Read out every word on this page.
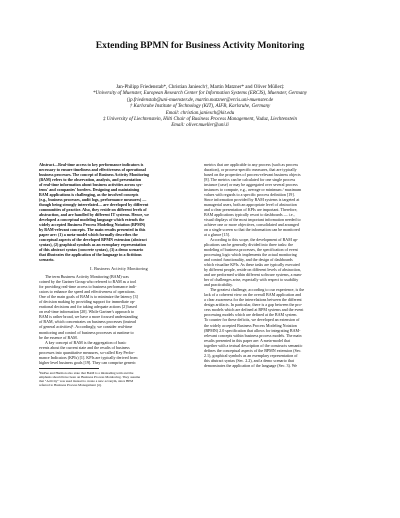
Extending BPMN for Business Activity Monitoring
Jan-Philipp Friedenstab*, Christian Janiesch†, Martin Matzner* and Oliver Müller‡
*University of Muenster, European Research Center for Information Systems (ERCIS), Muenster, Germany
{jp.friedenstab@uni-muenster.de, martin.matzner@ercis.uni-muenster.de
† Karlsruhe Institute of Technology (KIT), AIFB, Karlsruhe, Germany
Email: christian.janiesch@kit.edu
‡ University of Liechtenstein, Hilti Chair of Business Process Management, Vaduz, Liechtenstein
Email: oliver.mueller@uni.li
Abstract—Real-time access to key performance indicators is
necessary to ensure timeliness and effectiveness of operational
business processes. The concept of Business Activity Monitoring
(BAM) refers to the observation, analysis, and presentation
of real-time information about business activities across sys-
tems' and companies' borders. Designing and maintaining
BAM applications is challenging, as the involved concepts
(e.g., business processes, audit logs, performance measures) —
though being strongly interrelated— are developed by different
communities of practice. Also, they reside on different levels of
abstraction, and are handled by different IT systems. Hence, we
developed a conceptual modeling language which extends the
widely accepted Business Process Modeling Notation (BPMN)
by BAM-relevant concepts. The main results presented in this
paper are: (1) a meta-model which formally describes the
conceptual aspects of the developed BPMN extension (abstract
syntax), (2) graphical symbols as an exemplary representation
of this abstract syntax (concrete syntax), (3) a demo scenario
that illustrates the application of the language in a fictitious
scenario.
I. Business Activity Monitoring
The term Business Activity Monitoring (BAM) was
coined by the Gartner Group who referred to BAM as a tool
for providing real-time access to business performance indi-
cators to enhance the speed and effectiveness of operations.
One of the main goals of BAM is to minimize the latency [3]
of decision making by providing support for immediate op-
erational decisions and for taking adequate actions [2] based
on real-time information [20]. While Gartner's approach to
BAM is rather broad, we have a more focused understanding
of BAM, which concentrates on business processes (instead
of general activities)¹. Accordingly, we consider real-time
monitoring and control of business processes at runtime to
be the essence of BAM.
A key concept of BAM is the aggregation of basic
events about the current state and the results of business
processes into quantitative measures, so-called Key Perfor-
mance Indicators (KPIs) [1]. KPIs are typically derived from
higher level business goals [19]. They can comprise generic
¹DePee and Harmon also state that BAM is a misleading term and the
emphasis should have been on Business Process Monitoring. They assume
that "Activity" was used instead to create a new acronym, since BPM
referred to Business Process Management [4].
metrics that are applicable to any process (such as process
duration), or process-specific measures, that are typically
based on the properties of process-relevant business objects
[8]. The metrics can be calculated for one single process
instance (case) or may be aggregated over several process
instances to compute, e.g., average or minimum / maximum
values with regards to a specific process definition [19].
Since information provided by BAM systems is targeted at
managerial users, both an appropriate level of abstraction
and a clear presentation of KPIs are important. Therefore,
BAM applications typically resort to dashboards — i.e.,
visual displays of the most important information needed to
achieve one or more objectives, consolidated and arranged
on a single screen so that the information can be monitored
at a glance [15].
According to this scope, the development of BAM ap-
plications can be generally divided into three tasks: the
modeling of business processes, the specification of event
processing logic which implements the actual monitoring
and control functionality, and the design of dashboards
which visualize KPIs. As these tasks are typically executed
by different people, reside on different levels of abstraction,
and are performed within different software systems, a num-
ber of challenges arise, especially with respect to usability
and practicability.
The greatest challenge, according to our experience, is the
lack of a coherent view on the overall BAM application and
a clear awareness for the interrelations between the different
design artifacts. In particular, there is a gap between the pro-
cess models which are defined at BPM systems and the event
processing models which are defined at the BAM system.
To counter for these deficits, we developed an extension of
the widely accepted Business Process Modeling Notation
(BPMN) 2.0 specification that allows for integrating BAM-
relevant concepts within business process models. The main
results presented in this paper are: A meta-model that
together with a textual description of the constructs semantic
defines the conceptual aspects of the BPMN extension (Sec.
2.1), graphical symbols as an exemplary representation of
this abstract syntax (Sec. 2.2), and a demo scenario that
demonstrates the application of the language (Sec. 3). We
